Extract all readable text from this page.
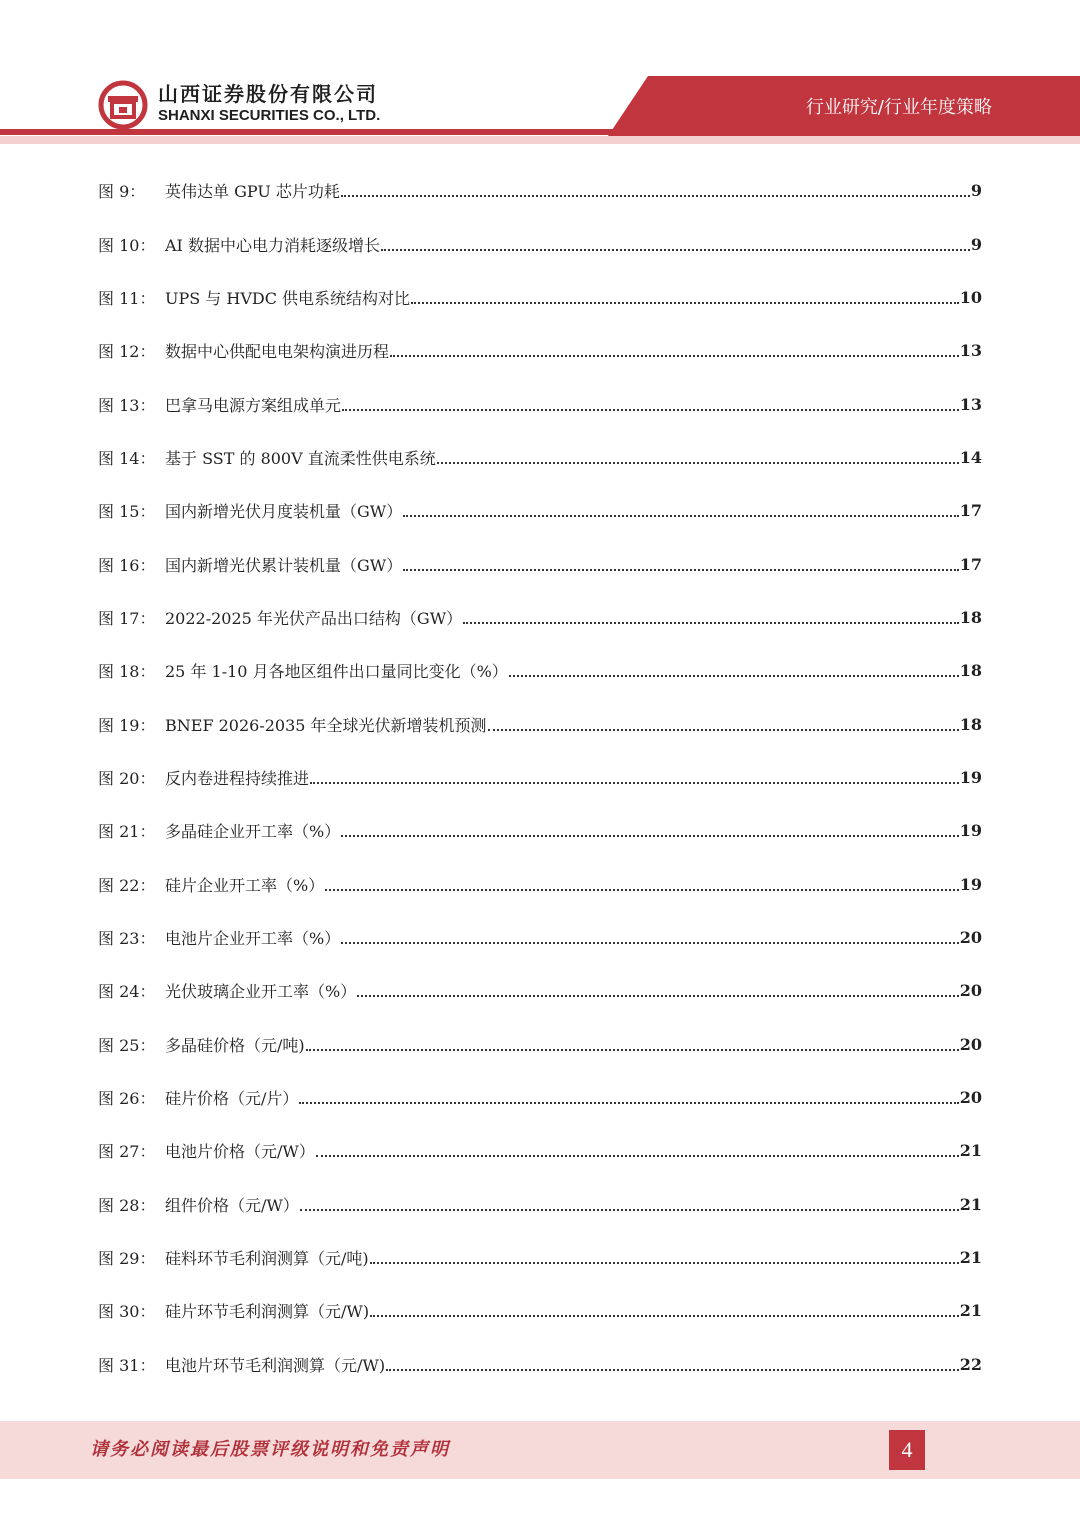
山西证券股份有限公司
SHANXI SECURITIES CO., LTD.	行业研究/行业年度策略
图 9：	英伟达单 GPU 芯片功耗	9
图 10： AI 数据中心电力消耗逐级增长	9
图 11： UPS 与 HVDC 供电系统结构对比	10
图 12： 数据中心供配电电架构演进历程	13
图 13： 巴拿马电源方案组成单元	13
图 14： 基于 SST 的 800V 直流柔性供电系统	14
图 15： 国内新增光伏月度装机量（GW）	17
图 16： 国内新增光伏累计装机量（GW）	17
图 17： 2022-2025 年光伏产品出口结构（GW）	18
图 18： 25 年 1-10 月各地区组件出口量同比变化（%）	18
图 19： BNEF 2026-2035 年全球光伏新增装机预测	18
图 20： 反内卷进程持续推进	19
图 21： 多晶硅企业开工率（%）	19
图 22： 硅片企业开工率（%）	19
图 23： 电池片企业开工率（%）	20
图 24： 光伏玻璃企业开工率（%）	20
图 25： 多晶硅价格（元/吨)	20
图 26： 硅片价格（元/片）	20
图 27： 电池片价格（元/W）	21
图 28： 组件价格（元/W）	21
图 29： 硅料环节毛利润测算（元/吨)	21
图 30： 硅片环节毛利润测算（元/W)	21
图 31： 电池片环节毛利润测算（元/W)	22
请务必阅读最后股票评级说明和免责声明	4
